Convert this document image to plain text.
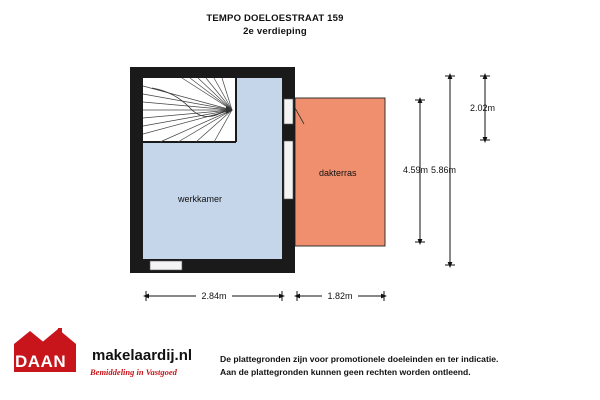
TEMPO DOELOESTRAAT 159
2e verdieping
werkkamer
dakterras
2.84m	1.82m
4.59m 5.86m
2.02m
DAAN makelaardij.nl
Bemiddeling in Vastgoed
De plattegronden zijn voor promotionele doeleinden en ter indicatie.
Aan de plattegronden kunnen geen rechten worden ontleend.
